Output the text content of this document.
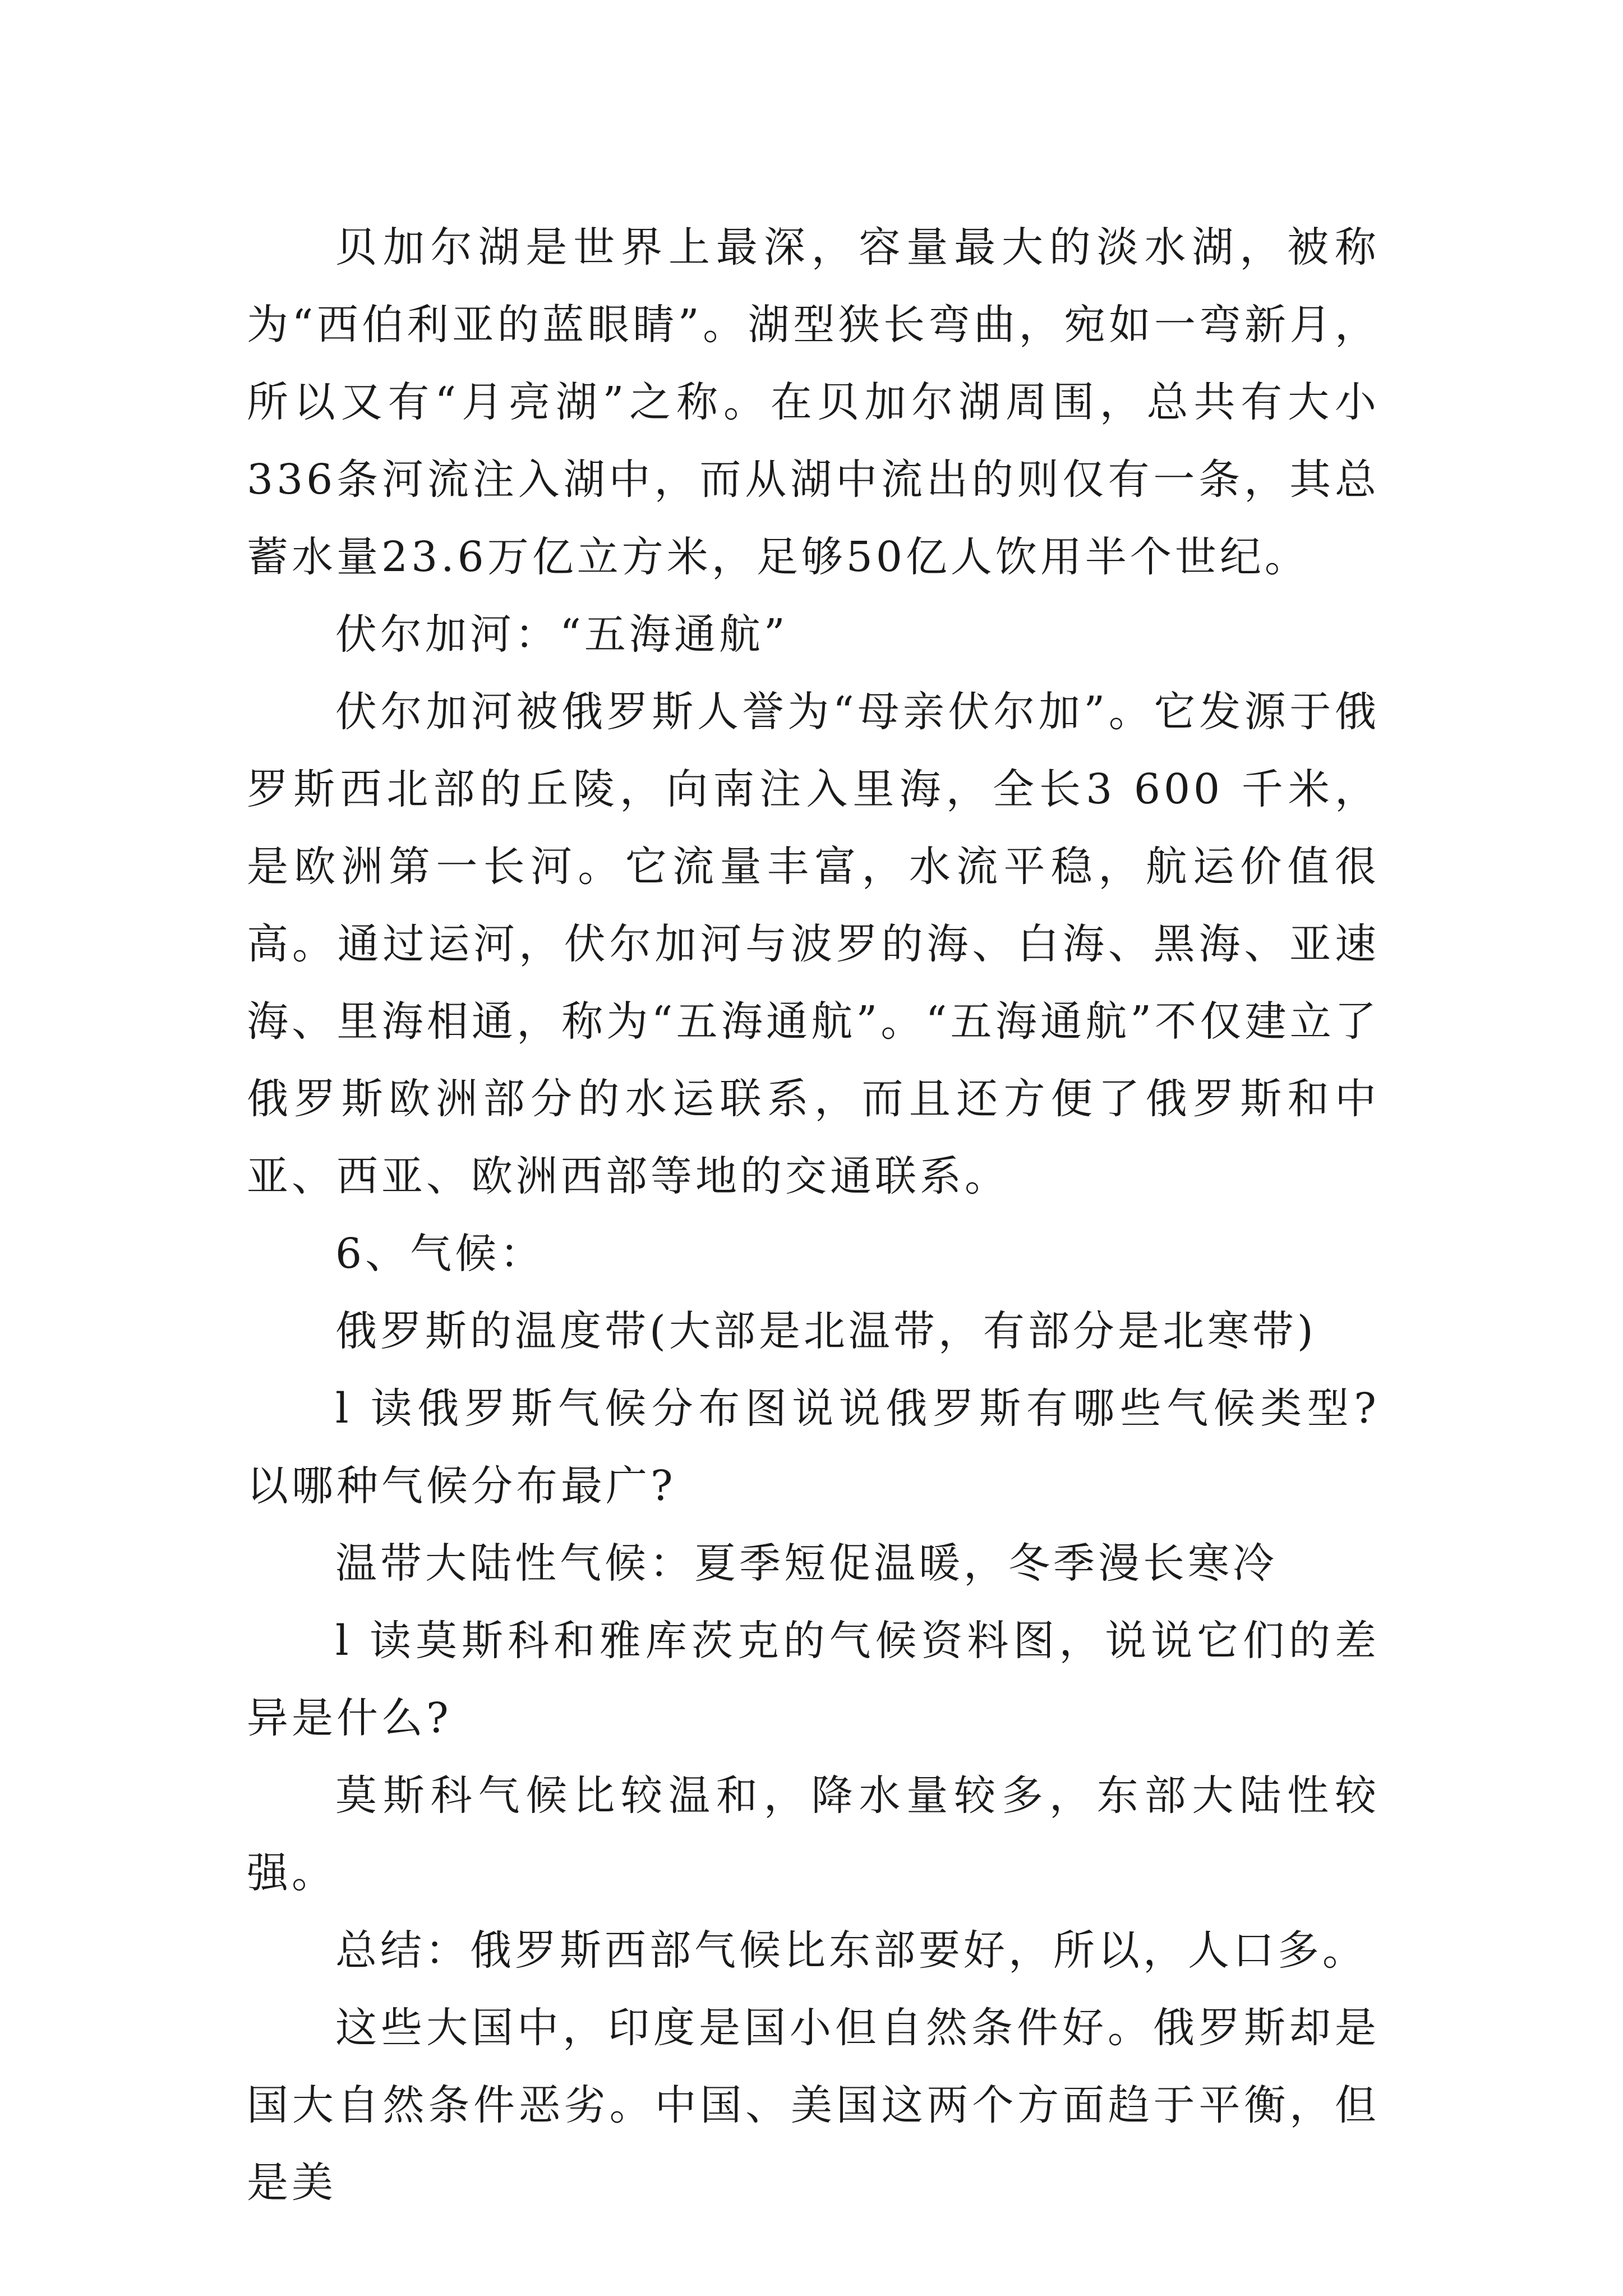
贝加尔湖是世界上最深，容量最大的淡水湖，被称为“西伯利亚的蓝眼睛”。湖型狭长弯曲，宛如一弯新月，所以又有“月亮湖”之称。在贝加尔湖周围，总共有大小336条河流注入湖中，而从湖中流出的则仅有一条，其总蓄水量23.6万亿立方米，足够50亿人饮用半个世纪。

伏尔加河：“五海通航”

伏尔加河被俄罗斯人誉为“母亲伏尔加”。它发源于俄罗斯西北部的丘陵，向南注入里海，全长3 600 千米，是欧洲第一长河。它流量丰富，水流平稳，航运价值很高。通过运河，伏尔加河与波罗的海、白海、黑海、亚速海、里海相通，称为“五海通航”。“五海通航”不仅建立了俄罗斯欧洲部分的水运联系，而且还方便了俄罗斯和中亚、西亚、欧洲西部等地的交通联系。

6、气候：

俄罗斯的温度带(大部是北温带，有部分是北寒带)

l 读俄罗斯气候分布图说说俄罗斯有哪些气候类型?以哪种气候分布最广?

温带大陆性气候：夏季短促温暖，冬季漫长寒冷

l 读莫斯科和雅库茨克的气候资料图，说说它们的差异是什么?

莫斯科气候比较温和，降水量较多，东部大陆性较强。

总结：俄罗斯西部气候比东部要好，所以，人口多。

这些大国中，印度是国小但自然条件好。俄罗斯却是国大自然条件恶劣。中国、美国这两个方面趋于平衡，但是美
